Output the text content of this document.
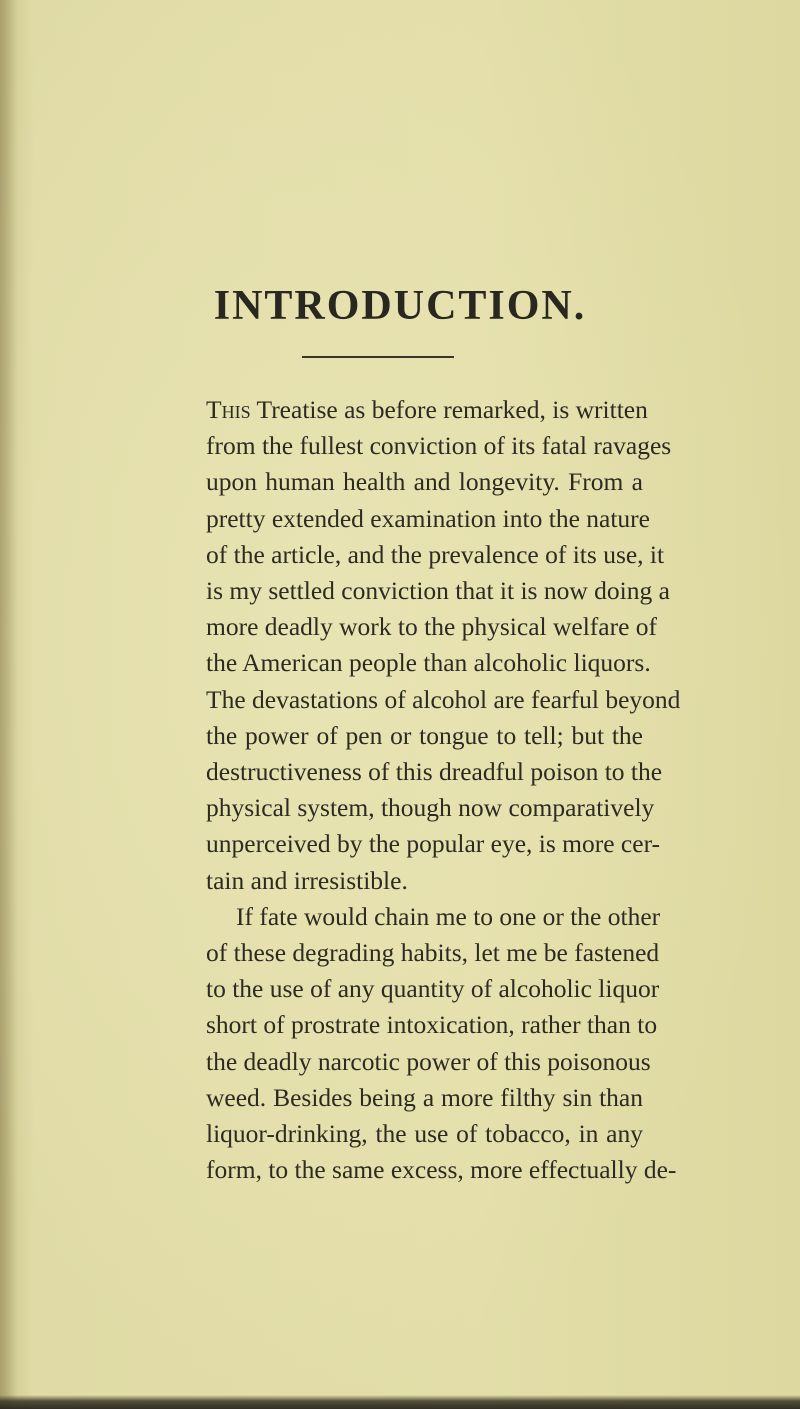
INTRODUCTION.
This Treatise as before remarked, is written
from the fullest conviction of its fatal ravages
upon human health and longevity. From a
pretty extended examination into the nature
of the article, and the prevalence of its use, it
is my settled conviction that it is now doing a
more deadly work to the physical welfare of
the American people than alcoholic liquors.
The devastations of alcohol are fearful beyond
the power of pen or tongue to tell; but the
destructiveness of this dreadful poison to the
physical system, though now comparatively
unperceived by the popular eye, is more cer-
tain and irresistible.
If fate would chain me to one or the other
of these degrading habits, let me be fastened
to the use of any quantity of alcoholic liquor
short of prostrate intoxication, rather than to
the deadly narcotic power of this poisonous
weed. Besides being a more filthy sin than
liquor-drinking, the use of tobacco, in any
form, to the same excess, more effectually de-
